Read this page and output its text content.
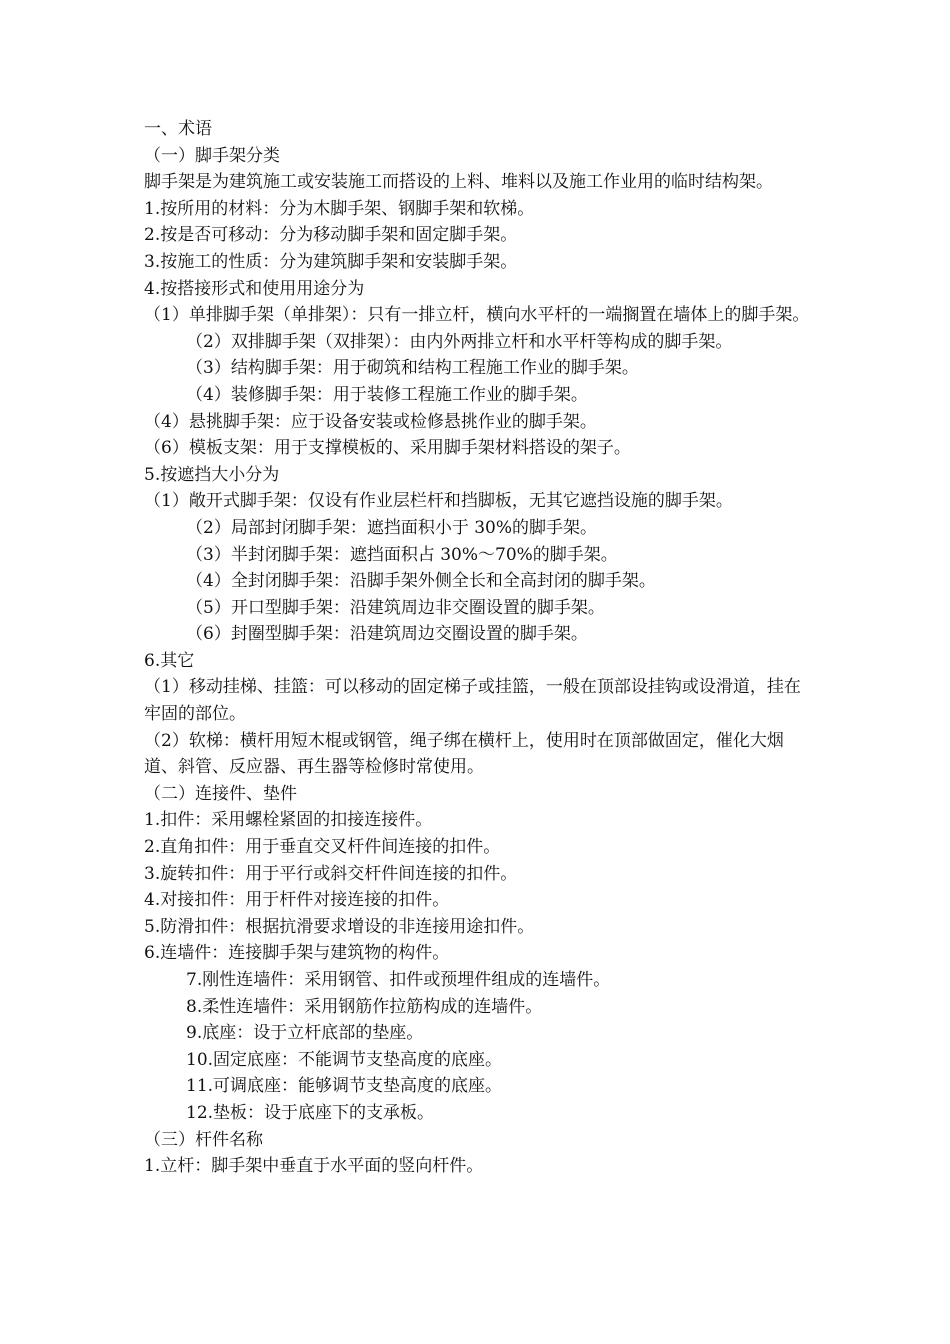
一、术语
（一）脚手架分类
脚手架是为建筑施工或安装施工而搭设的上料、堆料以及施工作业用的临时结构架。
1.按所用的材料：分为木脚手架、钢脚手架和软梯。
2.按是否可移动：分为移动脚手架和固定脚手架。
3.按施工的性质：分为建筑脚手架和安装脚手架。
4.按搭接形式和使用用途分为
（1）单排脚手架（单排架）：只有一排立杆，横向水平杆的一端搁置在墙体上的脚手架。
（2）双排脚手架（双排架）：由内外两排立杆和水平杆等构成的脚手架。
（3）结构脚手架：用于砌筑和结构工程施工作业的脚手架。
（4）装修脚手架：用于装修工程施工作业的脚手架。
（4）悬挑脚手架：应于设备安装或检修悬挑作业的脚手架。
（6）模板支架：用于支撑模板的、采用脚手架材料搭设的架子。
5.按遮挡大小分为
（1）敞开式脚手架：仅设有作业层栏杆和挡脚板，无其它遮挡设施的脚手架。
（2）局部封闭脚手架：遮挡面积小于 30%的脚手架。
（3）半封闭脚手架：遮挡面积占 30%～70%的脚手架。
（4）全封闭脚手架：沿脚手架外侧全长和全高封闭的脚手架。
（5）开口型脚手架：沿建筑周边非交圈设置的脚手架。
（6）封圈型脚手架：沿建筑周边交圈设置的脚手架。
6.其它
（1）移动挂梯、挂篮：可以移动的固定梯子或挂篮，一般在顶部设挂钩或设滑道，挂在牢固的部位。
（2）软梯：横杆用短木棍或钢管，绳子绑在横杆上，使用时在顶部做固定，催化大烟道、斜管、反应器、再生器等检修时常使用。
（二）连接件、垫件
1.扣件：采用螺栓紧固的扣接连接件。
2.直角扣件：用于垂直交叉杆件间连接的扣件。
3.旋转扣件：用于平行或斜交杆件间连接的扣件。
4.对接扣件：用于杆件对接连接的扣件。
5.防滑扣件：根据抗滑要求增设的非连接用途扣件。
6.连墙件：连接脚手架与建筑物的构件。
7.刚性连墙件：采用钢管、扣件或预埋件组成的连墙件。
8.柔性连墙件：采用钢筋作拉筋构成的连墙件。
9.底座：设于立杆底部的垫座。
10.固定底座：不能调节支垫高度的底座。
11.可调底座：能够调节支垫高度的底座。
12.垫板：设于底座下的支承板。
（三）杆件名称
1.立杆：脚手架中垂直于水平面的竖向杆件。
